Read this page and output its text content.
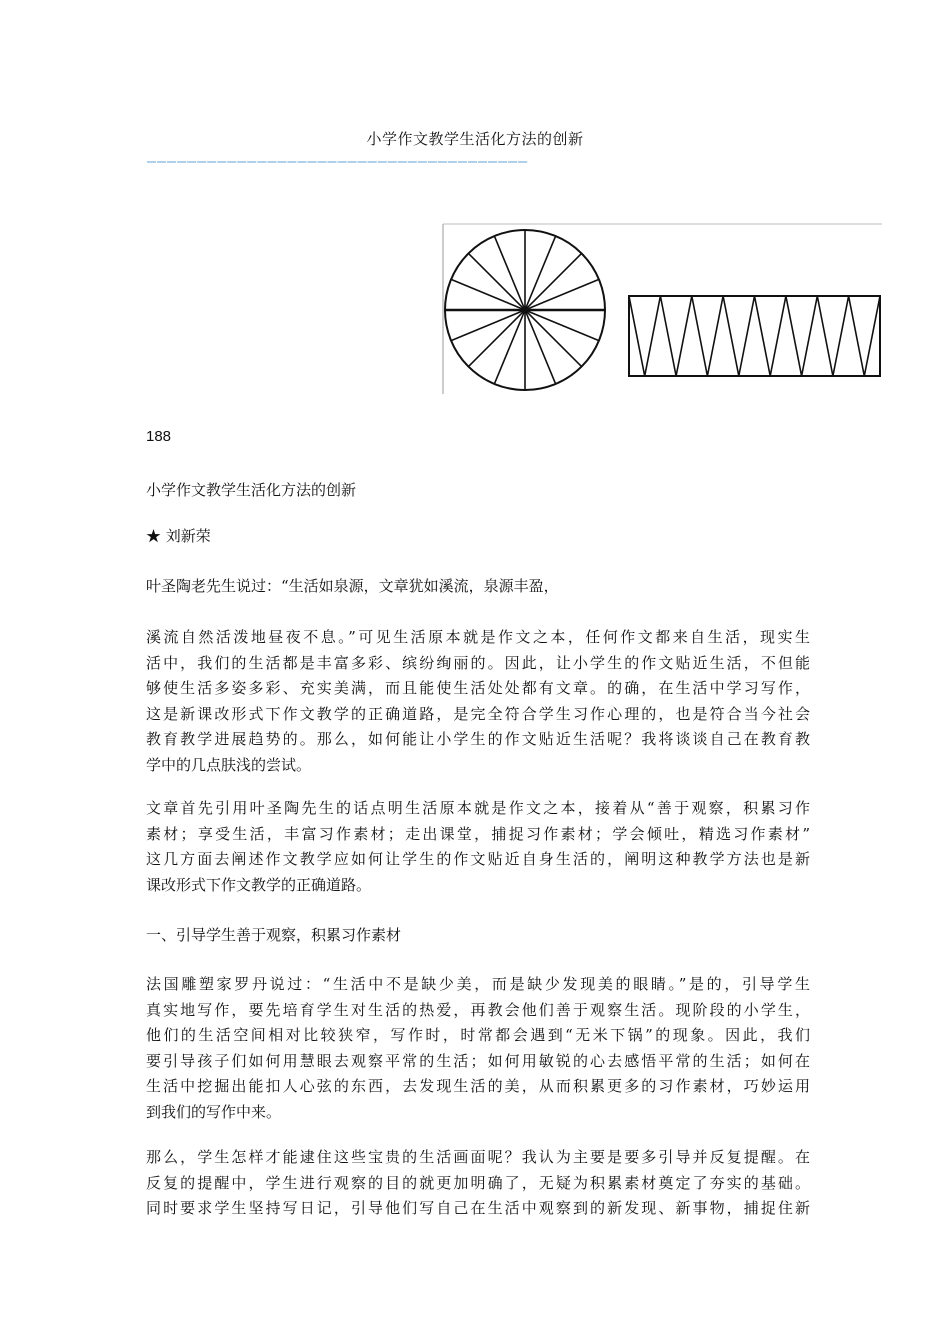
小学作文教学生活化方法的创新
——————————————————————————————————————
188
小学作文教学生活化方法的创新
★ 刘新荣
叶圣陶老先生说过：“生活如泉源，文章犹如溪流，泉源丰盈，
溪流自然活泼地昼夜不息。”可见生活原本就是作文之本，任何作文都来自生活，现实生
活中，我们的生活都是丰富多彩、缤纷绚丽的。因此，让小学生的作文贴近生活，不但能
够使生活多姿多彩、充实美满，而且能使生活处处都有文章。的确，在生活中学习写作，
这是新课改形式下作文教学的正确道路，是完全符合学生习作心理的，也是符合当今社会
教育教学进展趋势的。那么，如何能让小学生的作文贴近生活呢？我将谈谈自己在教育教
学中的几点肤浅的尝试。
文章首先引用叶圣陶先生的话点明生活原本就是作文之本，接着从“善于观察，积累习作
素材；享受生活，丰富习作素材；走出课堂，捕捉习作素材；学会倾吐，精选习作素材”
这几方面去阐述作文教学应如何让学生的作文贴近自身生活的，阐明这种教学方法也是新
课改形式下作文教学的正确道路。
一、引导学生善于观察，积累习作素材
法国雕塑家罗丹说过：“生活中不是缺少美，而是缺少发现美的眼睛。”是的，引导学生
真实地写作，要先培育学生对生活的热爱，再教会他们善于观察生活。现阶段的小学生，
他们的生活空间相对比较狭窄，写作时，时常都会遇到“无米下锅”的现象。因此，我们
要引导孩子们如何用慧眼去观察平常的生活；如何用敏锐的心去感悟平常的生活；如何在
生活中挖掘出能扣人心弦的东西，去发现生活的美，从而积累更多的习作素材，巧妙运用
到我们的写作中来。
那么，学生怎样才能逮住这些宝贵的生活画面呢？我认为主要是要多引导并反复提醒。在
反复的提醒中，学生进行观察的目的就更加明确了，无疑为积累素材奠定了夯实的基础。
同时要求学生坚持写日记，引导他们写自己在生活中观察到的新发现、新事物，捕捉住新
